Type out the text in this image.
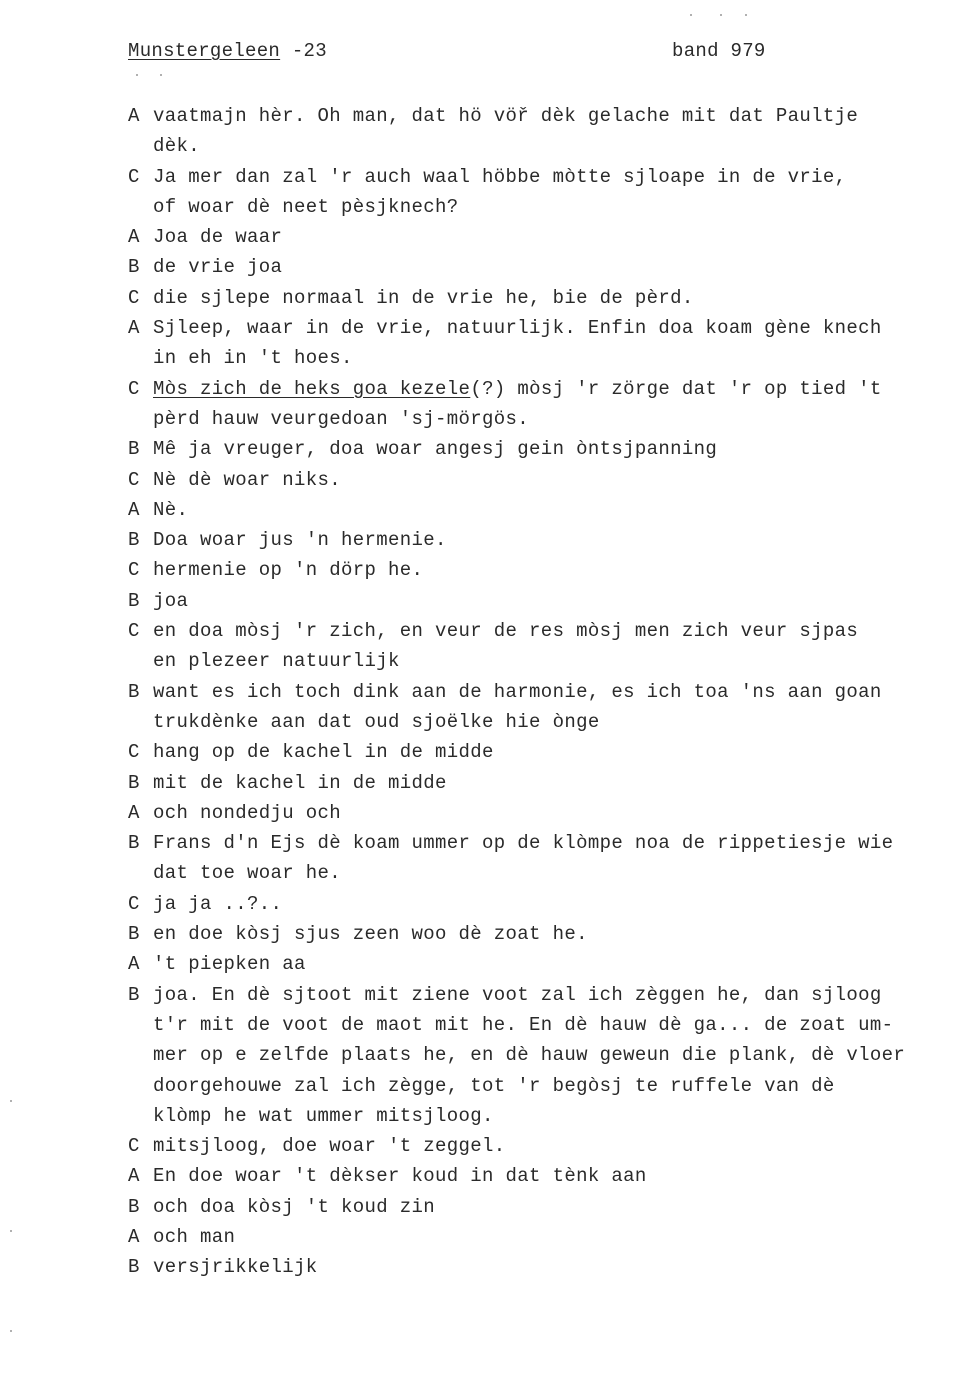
Munstergeleen -23	band 979
A vaatmajn hèr. Oh man, dat hö vöř dèk gelache mit dat Paultje
dèk.
C Ja mer dan zal 'r auch waal höbbe mòtte sjloape in de vrie,
of woar dè neet pèsjknech?
A Joa de waar
B de vrie joa
C die sjlepe normaal in de vrie he, bie de pèrd.
A Sjleep, waar in de vrie, natuurlijk. Enfin doa koam gène knech
in eh in 't hoes.
C Mòs zich de heks goa kezele(?) mòsj 'r zörge dat 'r op tied 't
pèrd hauw veurgedoan 'sj-mörgös.
B Mê ja vreuger, doa woar angesj gein òntsjpanning
C Nè dè woar niks.
A Nè.
B Doa woar jus 'n hermenie.
C hermenie op 'n dörp he.
B joa
C en doa mòsj 'r zich, en veur de res mòsj men zich veur sjpas
en plezeer natuurlijk
B want es ich toch dink aan de harmonie, es ich toa 'ns aan goan
trukdènke aan dat oud sjoëlke hie ònge
C hang op de kachel in de midde
B mit de kachel in de midde
A och nondedju och
B Frans d'n Ejs dè koam ummer op de klòmpe noa de rippetiesje wie
dat toe woar he.
C ja ja ..?..
B en doe kòsj sjus zeen woo dè zoat he.
A 't piepken aa
B joa. En dè sjtoot mit ziene voot zal ich zèggen he, dan sjloog
t'r mit de voot de maot mit he. En dè hauw dè ga... de zoat um-
mer op e zelfde plaats he, en dè hauw geweun die plank, dè vloer
doorgehouwe zal ich zègge, tot 'r begòsj te ruffele van dè
klòmp he wat ummer mitsjloog.
C mitsjloog, doe woar 't zeggel.
A En doe woar 't dèkser koud in dat tènk aan
B och doa kòsj 't koud zin
A och man
B versjrikkelijk
